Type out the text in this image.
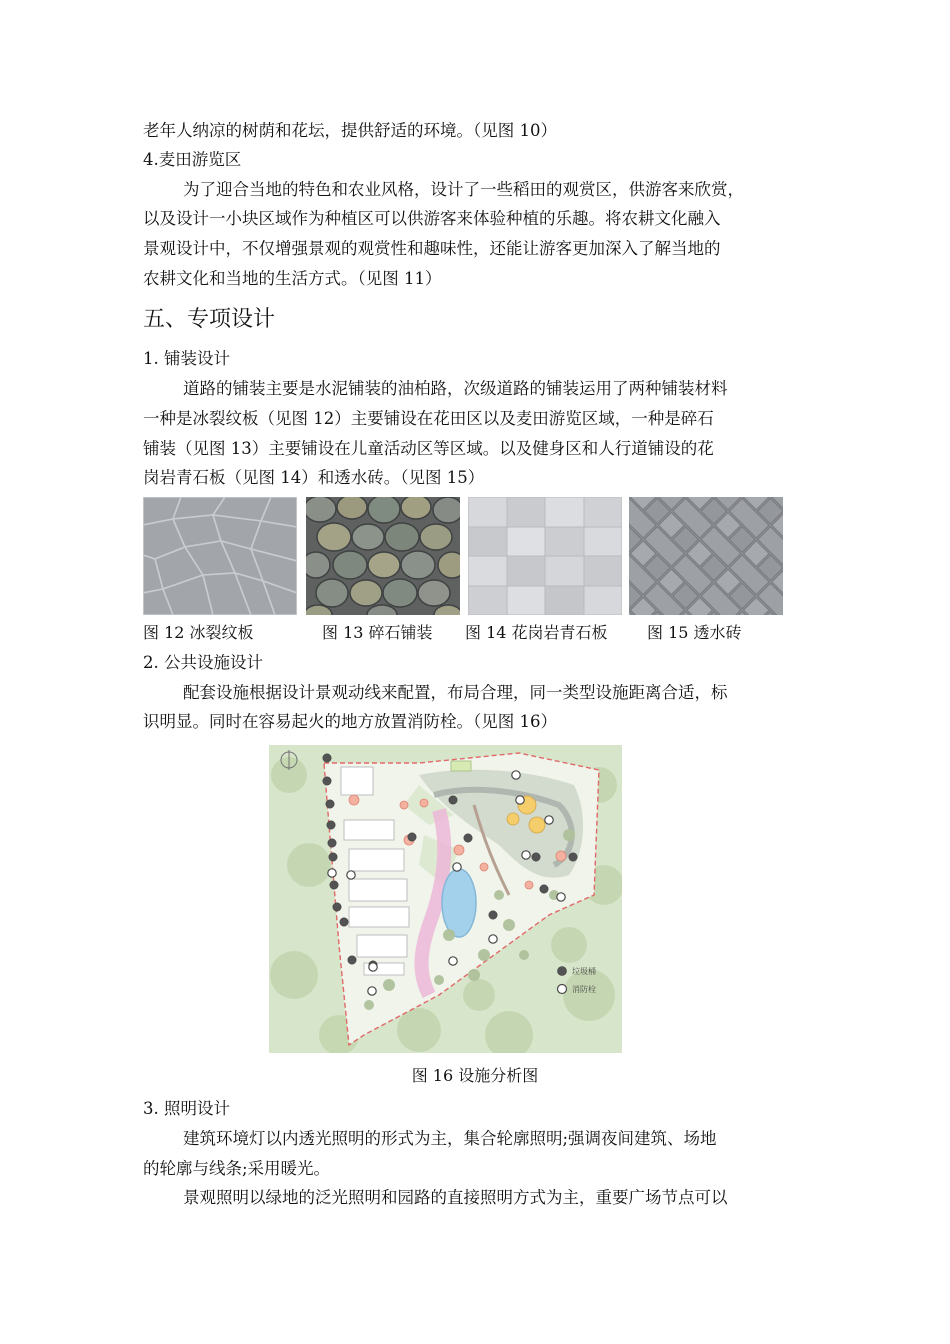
老年人纳凉的树荫和花坛，提供舒适的环境。（见图 10）
4.麦田游览区
为了迎合当地的特色和农业风格，设计了一些稻田的观赏区，供游客来欣赏，
以及设计一小块区域作为种植区可以供游客来体验种植的乐趣。将农耕文化融入
景观设计中，不仅增强景观的观赏性和趣味性，还能让游客更加深入了解当地的
农耕文化和当地的生活方式。（见图 11）
五、专项设计
1. 铺装设计
道路的铺装主要是水泥铺装的油柏路，次级道路的铺装运用了两种铺装材料
一种是冰裂纹板（见图 12）主要铺设在花田区以及麦田游览区域，一种是碎石
铺装（见图 13）主要铺设在儿童活动区等区域。以及健身区和人行道铺设的花
岗岩青石板（见图 14）和透水砖。（见图 15）
图 12 冰裂纹板	图 13 碎石铺装 图 14 花岗岩青石板 图 15 透水砖
2. 公共设施设计
配套设施根据设计景观动线来配置，布局合理，同一类型设施距离合适，标
识明显。同时在容易起火的地方放置消防栓。（见图 16）
垃圾桶
消防栓
图 16 设施分析图
3. 照明设计
建筑环境灯以内透光照明的形式为主，集合轮廓照明;强调夜间建筑、场地
的轮廓与线条;采用暖光。
景观照明以绿地的泛光照明和园路的直接照明方式为主，重要广场节点可以
